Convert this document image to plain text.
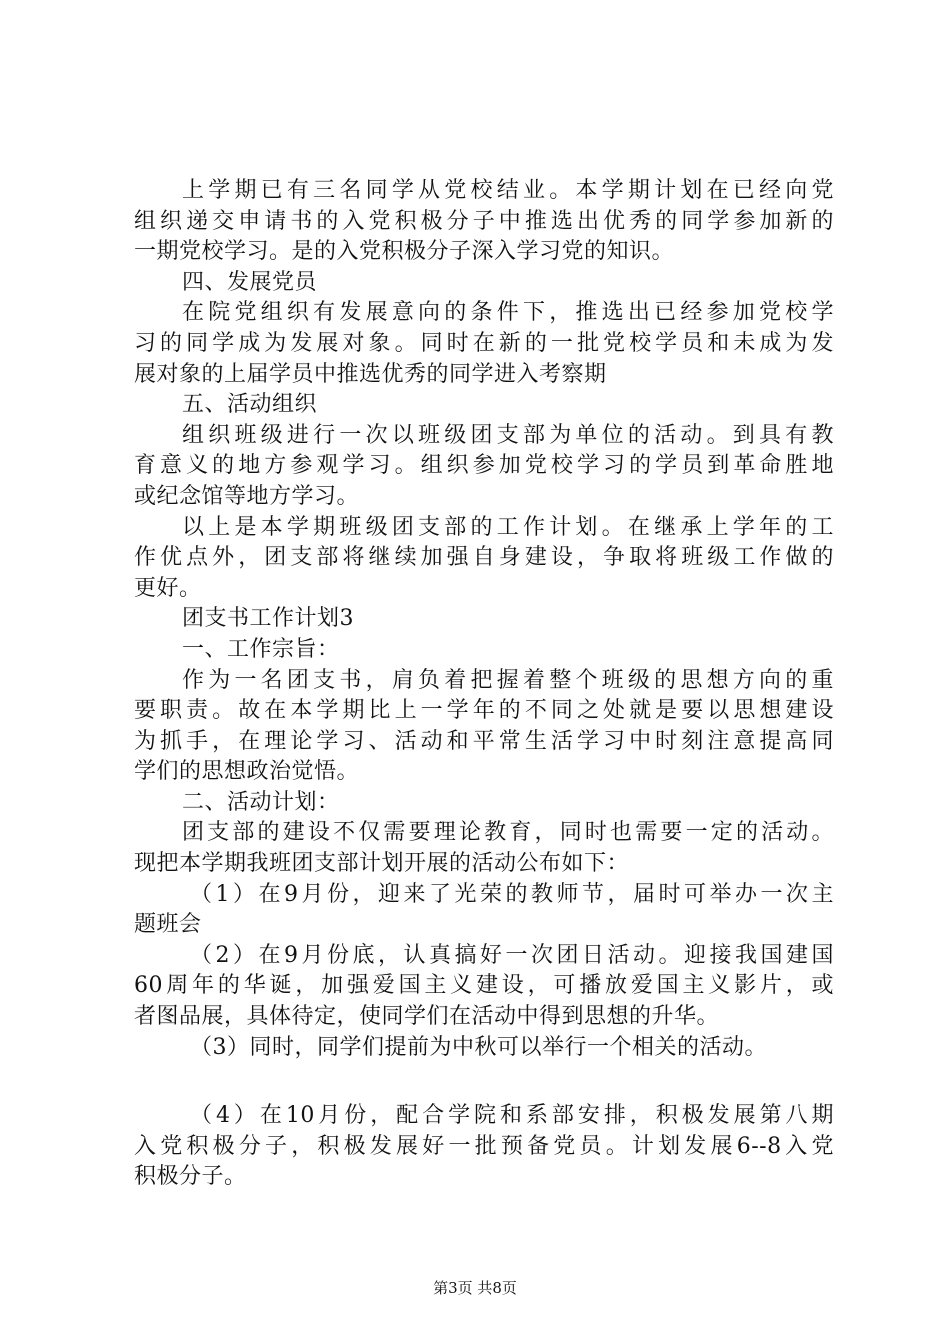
上学期已有三名同学从党校结业。本学期计划在已经向党
组织递交申请书的入党积极分子中推选出优秀的同学参加新的
一期党校学习。是的入党积极分子深入学习党的知识。
四、发展党员
在院党组织有发展意向的条件下，推选出已经参加党校学
习的同学成为发展对象。同时在新的一批党校学员和未成为发
展对象的上届学员中推选优秀的同学进入考察期
五、活动组织
组织班级进行一次以班级团支部为单位的活动。到具有教
育意义的地方参观学习。组织参加党校学习的学员到革命胜地
或纪念馆等地方学习。
以上是本学期班级团支部的工作计划。在继承上学年的工
作优点外，团支部将继续加强自身建设，争取将班级工作做的
更好。
团支书工作计划3
一、工作宗旨：
作为一名团支书，肩负着把握着整个班级的思想方向的重
要职责。故在本学期比上一学年的不同之处就是要以思想建设
为抓手，在理论学习、活动和平常生活学习中时刻注意提高同
学们的思想政治觉悟。
二、活动计划：
团支部的建设不仅需要理论教育，同时也需要一定的活动。
现把本学期我班团支部计划开展的活动公布如下：
（1）在9月份，迎来了光荣的教师节，届时可举办一次主
题班会
（2）在9月份底，认真搞好一次团日活动。迎接我国建国
60周年的华诞，加强爱国主义建设，可播放爱国主义影片，或
者图品展，具体待定，使同学们在活动中得到思想的升华。
（3）同时，同学们提前为中秋可以举行一个相关的活动。
（4）在10月份，配合学院和系部安排，积极发展第八期
入党积极分子，积极发展好一批预备党员。计划发展6--8入党
积极分子。
第3页 共8页
